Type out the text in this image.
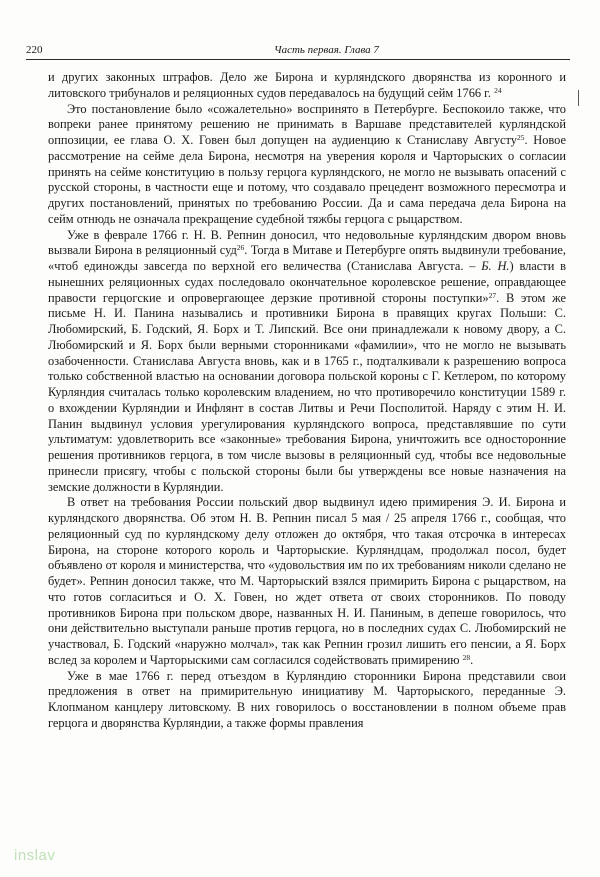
220	Часть первая. Глава 7

и других законных штрафов. Дело же Бирона и курляндского дворянства из коронного и литовского трибуналов и реляционных судов передавалось на будущий сейм 1766 г. $^{24}$

Это постановление было «сожалетельно» воспринято в Петербурге. Беспокоило также, что вопреки ранее принятому решению не принимать в Варшаве представителей курляндской оппозиции, ее глава О. Х. Говен был допущен на аудиенцию к Станиславу Августу$^{25}$. Новое рассмотрение на сейме дела Бирона, несмотря на уверения короля и Чарторыских о согласии принять на сейме конституцию в пользу герцога курляндского, не могло не вызывать опасений с русской стороны, в частности еще и потому, что создавало прецедент возможного пересмотра и других постановлений, принятых по требованию России. Да и сама передача дела Бирона на сейм отнюдь не означала прекращение судебной тяжбы герцога с рыцарством.

Уже в феврале 1766 г. Н. В. Репнин доносил, что недовольные курляндским двором вновь вызвали Бирона в реляционный суд$^{26}$. Тогда в Митаве и Петербурге опять выдвинули требование, «чтоб единожды завсегда по верхной его величества (Станислава Августа. – Б. Н.) власти в нынешних реляционных судах последовало окончательное королевское решение, оправдающее правости герцогские и опровергающее дерзкие противной стороны поступки»$^{27}$. В этом же письме Н. И. Панина назывались и противники Бирона в правящих кругах Польши: С. Любомирский, Б. Годский, Я. Борх и Т. Липский. Все они принадлежали к новому двору, а С. Любомирский и Я. Борх были верными сторонниками «фамилии», что не могло не вызывать озабоченности. Станислава Августа вновь, как и в 1765 г., подталкивали к разрешению вопроса только собственной властью на основании договора польской короны с Г. Кетлером, по которому Курляндия считалась только королевским владением, но что противоречило конституции 1589 г. о вхождении Курляндии и Инфлянт в состав Литвы и Речи Посполитой. Наряду с этим Н. И. Панин выдвинул условия урегулирования курляндского вопроса, представлявшие по сути ультиматум: удовлетворить все «законные» требования Бирона, уничтожить все односторонние решения противников герцога, в том числе вызовы в реляционный суд, чтобы все недовольные принесли присягу, чтобы с польской стороны были бы утверждены все новые назначения на земские должности в Курляндии.

В ответ на требования России польский двор выдвинул идею примирения Э. И. Бирона и курляндского дворянства. Об этом Н. В. Репнин писал 5 мая / 25 апреля 1766 г., сообщая, что реляционный суд по курляндскому делу отложен до октября, что такая отсрочка в интересах Бирона, на стороне которого король и Чарторыские. Курляндцам, продолжал посол, будет объявлено от короля и министерства, что «удовольствия им по их требованиям николи сделано не будет». Репнин доносил также, что М. Чарторыский взялся примирить Бирона с рыцарством, на что готов согласиться и О. Х. Говен, но ждет ответа от своих сторонников. По поводу противников Бирона при польском дворе, названных Н. И. Паниным, в депеше говорилось, что они действительно выступали раньше против герцога, но в последних судах С. Любомирский не участвовал, Б. Годский «наружно молчал», так как Репнин грозил лишить его пенсии, а Я. Борх вслед за королем и Чарторыскими сам согласился содействовать примирению $^{28}$.

Уже в мае 1766 г. перед отъездом в Курляндию сторонники Бирона представили свои предложения в ответ на примирительную инициативу М. Чарторыского, переданные Э. Клопманом канцлеру литовскому. В них говорилось о восстановлении в полном объеме прав герцога и дворянства Курляндии, а также формы правления

inslav
